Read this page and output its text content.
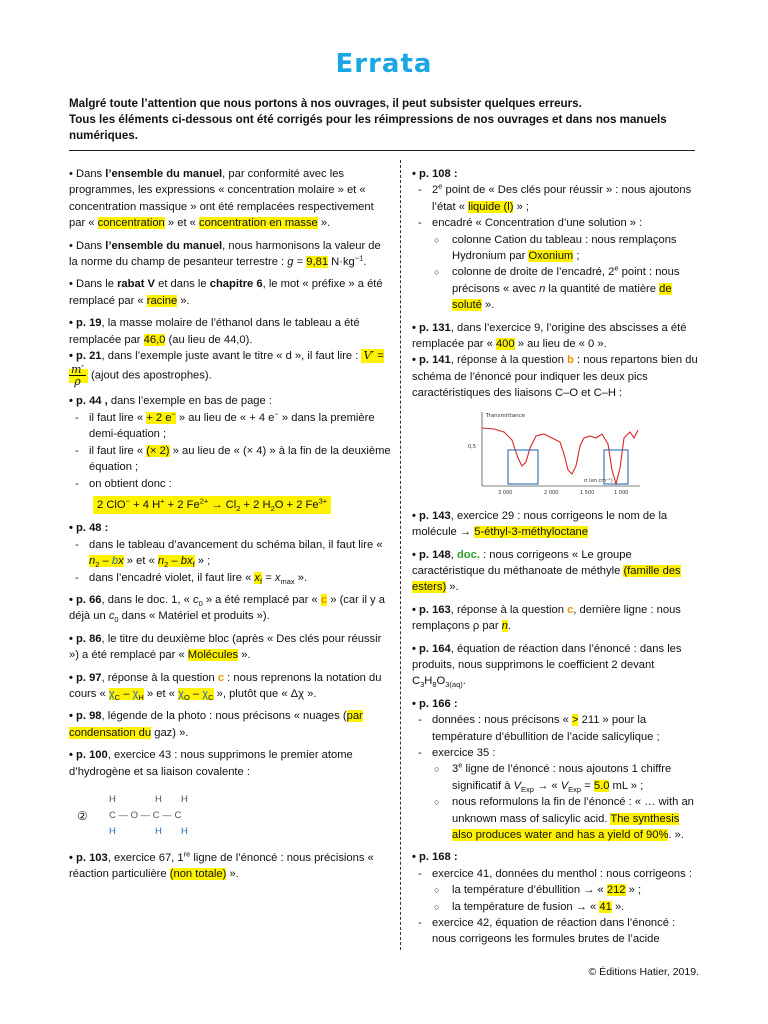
Errata
Malgré toute l’attention que nous portons à nos ouvrages, il peut subsister quelques erreurs.
Tous les éléments ci-dessous ont été corrigés pour les réimpressions de nos ouvrages et dans nos manuels numériques.

• Dans l’ensemble du manuel, par conformité avec les programmes, les expressions « concentration molaire » et « concentration massique » ont été remplacées respectivement par « concentration » et « concentration en masse ».

• Dans l’ensemble du manuel, nous harmonisons la valeur de la norme du champ de pesanteur terrestre : g = 9,81 $N\cdot kg^{-1}$.

• Dans le rabat V et dans le chapitre 6, le mot « préfixe » a été remplacé par « racine ».

• p. 19, la masse molaire de l’éthanol dans le tableau a été remplacée par 46,0 (au lieu de 44,0).
• p. 21, dans l’exemple juste avant le titre « d », il faut lire : V′ =
$\frac{m'}{\rho}$ (ajout des apostrophes).

• p. 44 , dans l’exemple en bas de page :

- il faut lire « + 2 e− » au lieu de « + 4 e− » dans la première demi-équation ;
- il faut lire « (× 2) » au lieu de « (× 4) » à la fin de la deuxième équation ;
- on obtient donc :
2 ClO− + 4 H+ + 2 $Fe^{2+} \to Cl_2 + 2$ $H_2O + 2$ $Fe^{3+}$

• p. 48 :

- dans le tableau d’avancement du schéma bilan, il faut lire « $n_2$ – bx » et « $n_2 - bx_f$ » ;
- dans l’encadré violet, il faut lire « $x_f = x_{max}$ ».

• p. 66, dans le doc. 1, « $c_0$ » a été remplacé par « c » (car il y a déjà un $c_0$ dans « Matériel et produits »).

• p. 86, le titre du deuxième bloc (après « Des clés pour réussir ») a été remplacé par « Molécules ».

• p. 97, réponse à la question c : nous reprenons la notation du cours « $\chi_C - \chi_H$ » et « $\chi_O - \chi_C$ », plutôt que « Δχ ».

• p. 98, légende de la photo : nous précisons « nuages (par condensation du gaz) ».

• p. 100, exercice 43 : nous supprimons le premier atome d’hydrogène et sa liaison covalente :

H	H H
② C — O — C — C
H	H H

• p. 103, exercice 67, 1re ligne de l’énoncé : nous précisions « réaction particulière (non totale) ».

• p. 108 :

- 2e point de « Des clés pour réussir » : nous ajoutons l’état « liquide (l) » ;
- encadré « Concentration d’une solution » :
○ colonne Cation du tableau : nous remplaçons Hydronium par Oxonium ;
○ colonne de droite de l’encadré, 2e point : nous précisons « avec n la quantité de matière de soluté ».

• p. 131, dans l’exercice 9, l’origine des abscisses a été remplacée par « 400 » au lieu de « 0 ».
• p. 141, réponse à la question b : nous repartons bien du schéma de l’énoncé pour indiquer les deux pics caractéristiques des liaisons C–O et C–H :

Transmittance
0,5
σ (en cm⁻¹)
3 000	2 000	1 500	1 000

• p. 143, exercice 29 : nous corrigeons le nom de la molécule → 5-éthyl-3-méthyloctane

• p. 148, doc. : nous corrigeons « Le groupe caractéristique du méthanoate de méthyle (famille des esters) ».

• p. 163, réponse à la question c, dernière ligne : nous remplaçons ρ par n.

• p. 164, équation de réaction dans l’énoncé : dans les produits, nous supprimons le coefficient 2 devant $C_3H_8O_{3(aq)}$.

• p. 166 :

- données : nous précisons « > 211 » pour la température d’ébullition de l’acide salicylique ;
- exercice 35 :
○ 3e ligne de l’énoncé : nous ajoutons 1 chiffre significatif à $V_{Exp}$ → « $V_{Exp} = 5.0$ mL » ;
○ nous reformulons la fin de l’énoncé : « … with an unknown mass of salicylic acid. The synthesis also produces water and has a yield of 90%. ».

• p. 168 :

- exercice 41, données du menthol : nous corrigeons :
○ la température d’ébullition → « 212 » ;
○ la température de fusion → « 41 ».
- exercice 42, équation de réaction dans l’énoncé : nous corrigeons les formules brutes de l’acide
© Éditions Hatier, 2019.
